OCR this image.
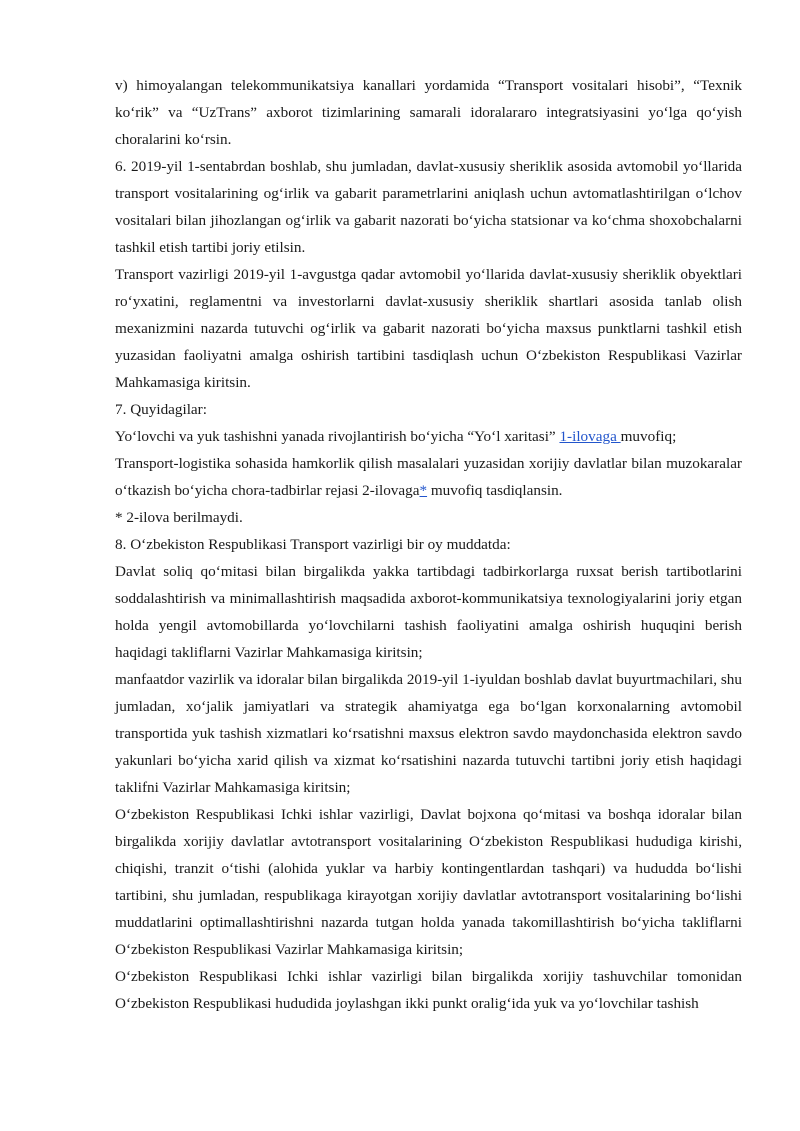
v) himoyalangan telekommunikatsiya kanallari yordamida “Transport vositalari hisobi”, “Texnik ko‘rik” va “UzTrans” axborot tizimlarining samarali idoralararo integratsiyasini yo‘lga qo‘yish choralarini ko‘rsin.

6. 2019-yil 1-sentabrdan boshlab, shu jumladan, davlat-xususiy sheriklik asosida avtomobil yo‘llarida transport vositalarining og‘irlik va gabarit parametrlarini aniqlash uchun avtomatlashtirilgan o‘lchov vositalari bilan jihozlangan og‘irlik va gabarit nazorati bo‘yicha statsionar va ko‘chma shoxobchalarni tashkil etish tartibi joriy etilsin.

Transport vazirligi 2019-yil 1-avgustga qadar avtomobil yo‘llarida davlat-xususiy sheriklik obyektlari ro‘yxatini, reglamentni va investorlarni davlat-xususiy sheriklik shartlari asosida tanlab olish mexanizmini nazarda tutuvchi og‘irlik va gabarit nazorati bo‘yicha maxsus punktlarni tashkil etish yuzasidan faoliyatni amalga oshirish tartibini tasdiqlash uchun O‘zbekiston Respublikasi Vazirlar Mahkamasiga kiritsin.

7. Quyidagilar:

Yo‘lovchi va yuk tashishni yanada rivojlantirish bo‘yicha “Yo‘l xaritasi” 1-ilovaga muvofiq;

Transport-logistika sohasida hamkorlik qilish masalalari yuzasidan xorijiy davlatlar bilan muzokaralar o‘tkazish bo‘yicha chora-tadbirlar rejasi 2-ilovaga* muvofiq tasdiqlansin.

* 2-ilova berilmaydi.

8. O‘zbekiston Respublikasi Transport vazirligi bir oy muddatda:

Davlat soliq qo‘mitasi bilan birgalikda yakka tartibdagi tadbirkorlarga ruxsat berish tartibotlarini soddalashtirish va minimallashtirish maqsadida axborot-kommunikatsiya texnologiyalarini joriy etgan holda yengil avtomobillarda yo‘lovchilarni tashish faoliyatini amalga oshirish huquqini berish haqidagi takliflarni Vazirlar Mahkamasiga kiritsin;

manfaatdor vazirlik va idoralar bilan birgalikda 2019-yil 1-iyuldan boshlab davlat buyurtmachilari, shu jumladan, xo‘jalik jamiyatlari va strategik ahamiyatga ega bo‘lgan korxonalarning avtomobil transportida yuk tashish xizmatlari ko‘rsatishni maxsus elektron savdo maydonchasida elektron savdo yakunlari bo‘yicha xarid qilish va xizmat ko‘rsatishini nazarda tutuvchi tartibni joriy etish haqidagi taklifni Vazirlar Mahkamasiga kiritsin;

O‘zbekiston Respublikasi Ichki ishlar vazirligi, Davlat bojxona qo‘mitasi va boshqa idoralar bilan birgalikda xorijiy davlatlar avtotransport vositalarining O‘zbekiston Respublikasi hududiga kirishi, chiqishi, tranzit o‘tishi (alohida yuklar va harbiy kontingentlardan tashqari) va hududda bo‘lishi tartibini, shu jumladan, respublikaga kirayotgan xorijiy davlatlar avtotransport vositalarining bo‘lishi muddatlarini optimallashtirishni nazarda tutgan holda yanada takomillashtirish bo‘yicha takliflarni O‘zbekiston Respublikasi Vazirlar Mahkamasiga kiritsin;

O‘zbekiston Respublikasi Ichki ishlar vazirligi bilan birgalikda xorijiy tashuvchilar tomonidan O‘zbekiston Respublikasi hududida joylashgan ikki punkt oralig‘ida yuk va yo‘lovchilar tashish
